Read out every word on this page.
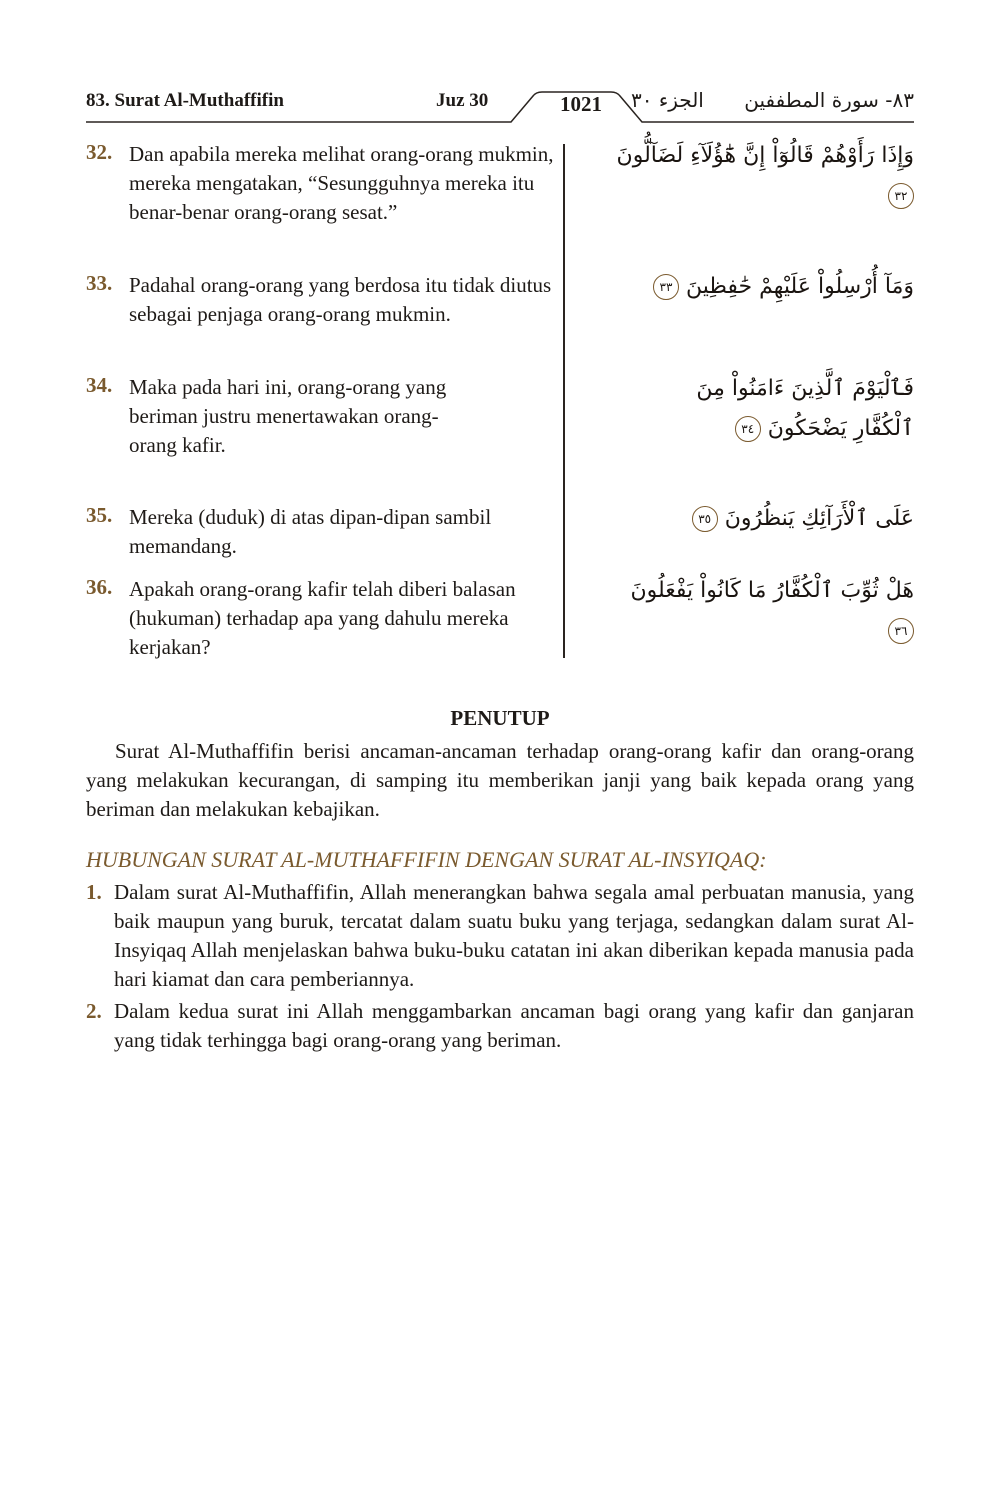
83. Surat Al-Muthaffifin	Juz 30	1021	الجزء ٣٠ ٨٣- سورة المطففين
32. Dan apabila mereka melihat orang-orang mukmin, mereka mengatakan, “Sesungguhnya mereka itu benar-benar orang-orang sesat.”
وَإِذَا رَأَوْهُمْ قَالُوٓاْ إِنَّ هَٰٓؤُلَآءِ لَضَآلُّونَ ٣٢
33. Padahal orang-orang yang berdosa itu tidak diutus sebagai penjaga orang-orang mukmin.
وَمَآ أُرْسِلُواْ عَلَيْهِمْ حَٰفِظِينَ ٣٣
34. Maka pada hari ini, orang-orang yang beriman justru menertawakan orang-orang kafir.
فَٱلْيَوْمَ ٱلَّذِينَ ءَامَنُواْ مِنَ ٱلْكُفَّارِ يَضْحَكُونَ ٣٤
35. Mereka (duduk) di atas dipan-dipan sambil memandang.
عَلَى ٱلْأَرَآئِكِ يَنظُرُونَ ٣٥
36. Apakah orang-orang kafir telah diberi balasan (hukuman) terhadap apa yang dahulu mereka kerjakan?
هَلْ ثُوِّبَ ٱلْكُفَّارُ مَا كَانُواْ يَفْعَلُونَ ٣٦
PENUTUP
Surat Al-Muthaffifin berisi ancaman-ancaman terhadap orang-orang kafir dan orang-orang yang melakukan kecurangan, di samping itu memberikan janji yang baik kepada orang yang beriman dan melakukan kebajikan.
HUBUNGAN SURAT AL-MUTHAFFIFIN DENGAN SURAT AL-INSYIQAQ:
1. Dalam surat Al-Muthaffifin, Allah menerangkan bahwa segala amal perbuatan manusia, yang baik maupun yang buruk, tercatat dalam suatu buku yang terjaga, sedangkan dalam surat Al-Insyiqaq Allah menjelaskan bahwa buku-buku catatan ini akan diberikan kepada manusia pada hari kiamat dan cara pemberiannya.
2. Dalam kedua surat ini Allah menggambarkan ancaman bagi orang yang kafir dan ganjaran yang tidak terhingga bagi orang-orang yang beriman.
